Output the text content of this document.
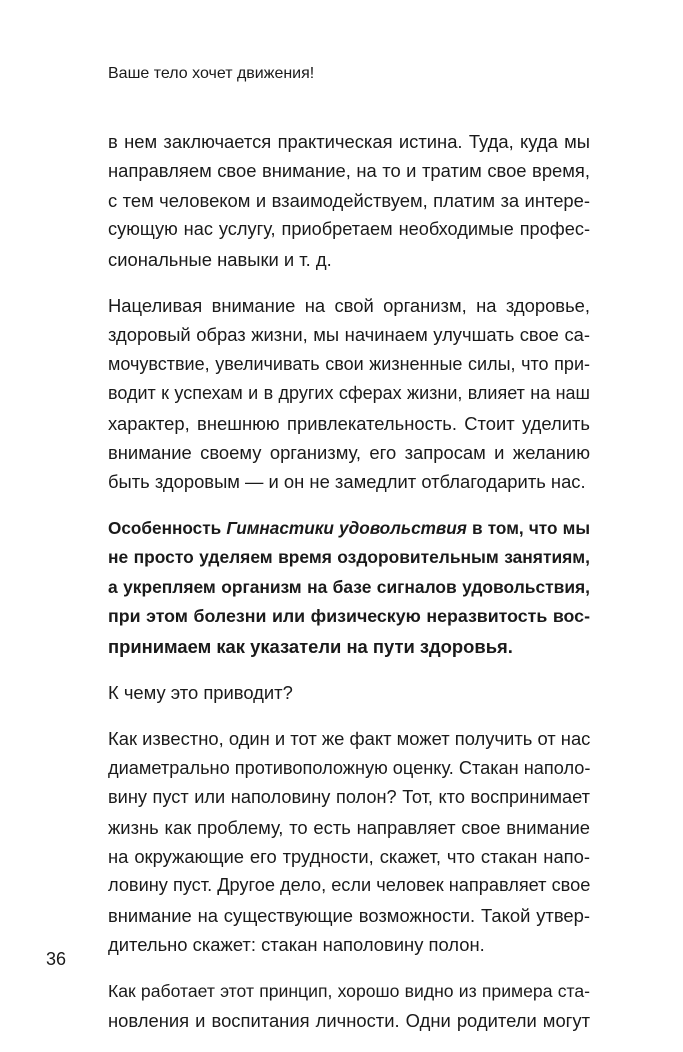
Ваше тело хочет движения!

в нем заключается практическая истина. Туда, куда мы
направляем свое внимание, на то и тратим свое время,
с тем человеком и взаимодействуем, платим за интере-
сующую нас услугу, приобретаем необходимые профес-
сиональные навыки и т. д.

Нацеливая внимание на свой организм, на здоровье,
здоровый образ жизни, мы начинаем улучшать свое са-
мочувствие, увеличивать свои жизненные силы, что при-
водит к успехам и в других сферах жизни, влияет на наш
характер, внешнюю привлекательность. Стоит уделить
внимание своему организму, его запросам и желанию
быть здоровым — и он не замедлит отблагодарить нас.

Особенность Гимнастики удовольствия в том, что мы
не просто уделяем время оздоровительным занятиям,
а укрепляем организм на базе сигналов удовольствия,
при этом болезни или физическую неразвитость вос-
принимаем как указатели на пути здоровья.

К чему это приводит?

Как известно, один и тот же факт может получить от нас
диаметрально противоположную оценку. Стакан наполо-
вину пуст или наполовину полон? Тот, кто воспринимает
жизнь как проблему, то есть направляет свое внимание
на окружающие его трудности, скажет, что стакан напо-
ловину пуст. Другое дело, если человек направляет свое
внимание на существующие возможности. Такой утвер-
дительно скажет: стакан наполовину полон.

Как работает этот принцип, хорошо видно из примера ста-
новления и воспитания личности. Одни родители могут

36
